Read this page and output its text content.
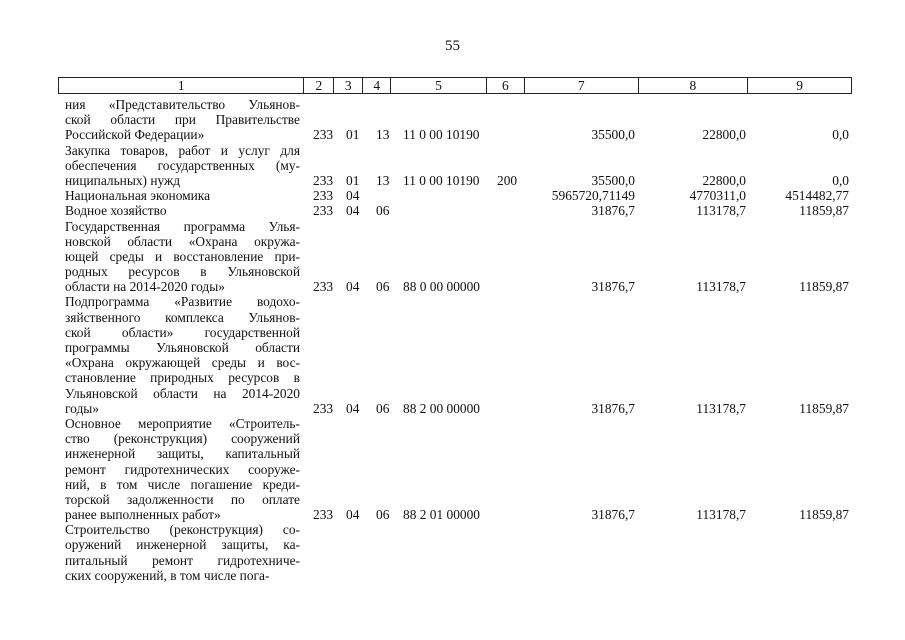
55
1	2	3	4	5	6	7	8	9
ния «Представительство Ульянов-
ской области при Правительстве
Российской Федерации»	233 01 13 11 0 00 10190	35500,0	22800,0	0,0
Закупка товаров, работ и услуг для
обеспечения государственных (му-
ниципальных) нужд	233 01 13 11 0 00 10190 200	35500,0	22800,0	0,0
Национальная экономика	233 04	5965720,71149	4770311,0	4514482,77
Водное хозяйство	233 04 06	31876,7	113178,7	11859,87
Государственная программа Улья-
новской области «Охрана окружа-
ющей среды и восстановление при-
родных ресурсов в Ульяновской
области на 2014-2020 годы»	233 04 06 88 0 00 00000	31876,7	113178,7	11859,87
Подпрограмма «Развитие водохо-
зяйственного комплекса Ульянов-
ской области» государственной
программы Ульяновской области
«Охрана окружающей среды и вос-
становление природных ресурсов в
Ульяновской области на 2014-2020
годы»	233 04 06 88 2 00 00000	31876,7	113178,7	11859,87
Основное мероприятие «Строитель-
ство (реконструкция) сооружений
инженерной защиты, капитальный
ремонт гидротехнических сооруже-
ний, в том числе погашение креди-
торской задолженности по оплате
ранее выполненных работ»	233 04 06 88 2 01 00000	31876,7	113178,7	11859,87
Строительство (реконструкция) со-
оружений инженерной защиты, ка-
питальный ремонт гидротехниче-
ских сооружений, в том числе пога-
